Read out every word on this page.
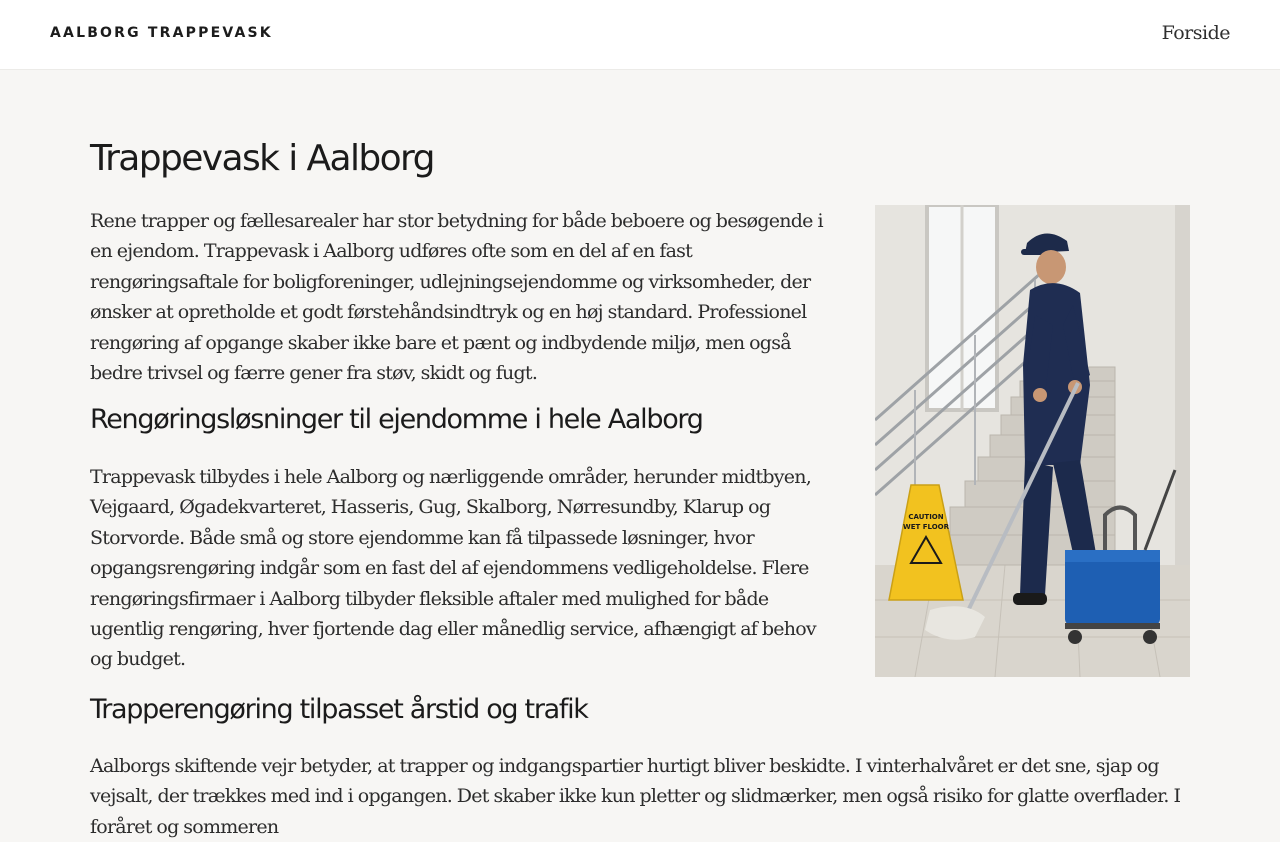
AALBORG TRAPPEVASK	Forside
Trappevask i Aalborg

Rene trapper og fællesarealer har stor betydning for både beboere og besøgende i en ejendom. Trappevask i Aalborg udføres ofte som en del af en fast rengøringsaftale for boligforeninger, udlejningsejendomme og virksomheder, der ønsker at opretholde et godt førstehåndsindtryk og en høj standard. Professionel rengøring af opgange skaber ikke bare et pænt og indbydende miljø, men også bedre trivsel og færre gener fra støv, skidt og fugt.

CAUTION
WET FLOOR
Rengøringsløsninger til ejendomme i hele Aalborg

Trappevask tilbydes i hele Aalborg og nærliggende områder, herunder midtbyen, Vejgaard, Øgadekvarteret, Hasseris, Gug, Skalborg, Nørresundby, Klarup og Storvorde. Både små og store ejendomme kan få tilpassede løsninger, hvor opgangsrengøring indgår som en fast del af ejendommens vedligeholdelse. Flere rengøringsfirmaer i Aalborg tilbyder fleksible aftaler med mulighed for både ugentlig rengøring, hver fjortende dag eller månedlig service, afhængigt af behov og budget.

Trapperengøring tilpasset årstid og trafik

Aalborgs skiftende vejr betyder, at trapper og indgangspartier hurtigt bliver beskidte. I vinterhalvåret er det sne, sjap og vejsalt, der trækkes med ind i opgangen. Det skaber ikke kun pletter og slidmærker, men også risiko for glatte overflader. I foråret og sommeren
